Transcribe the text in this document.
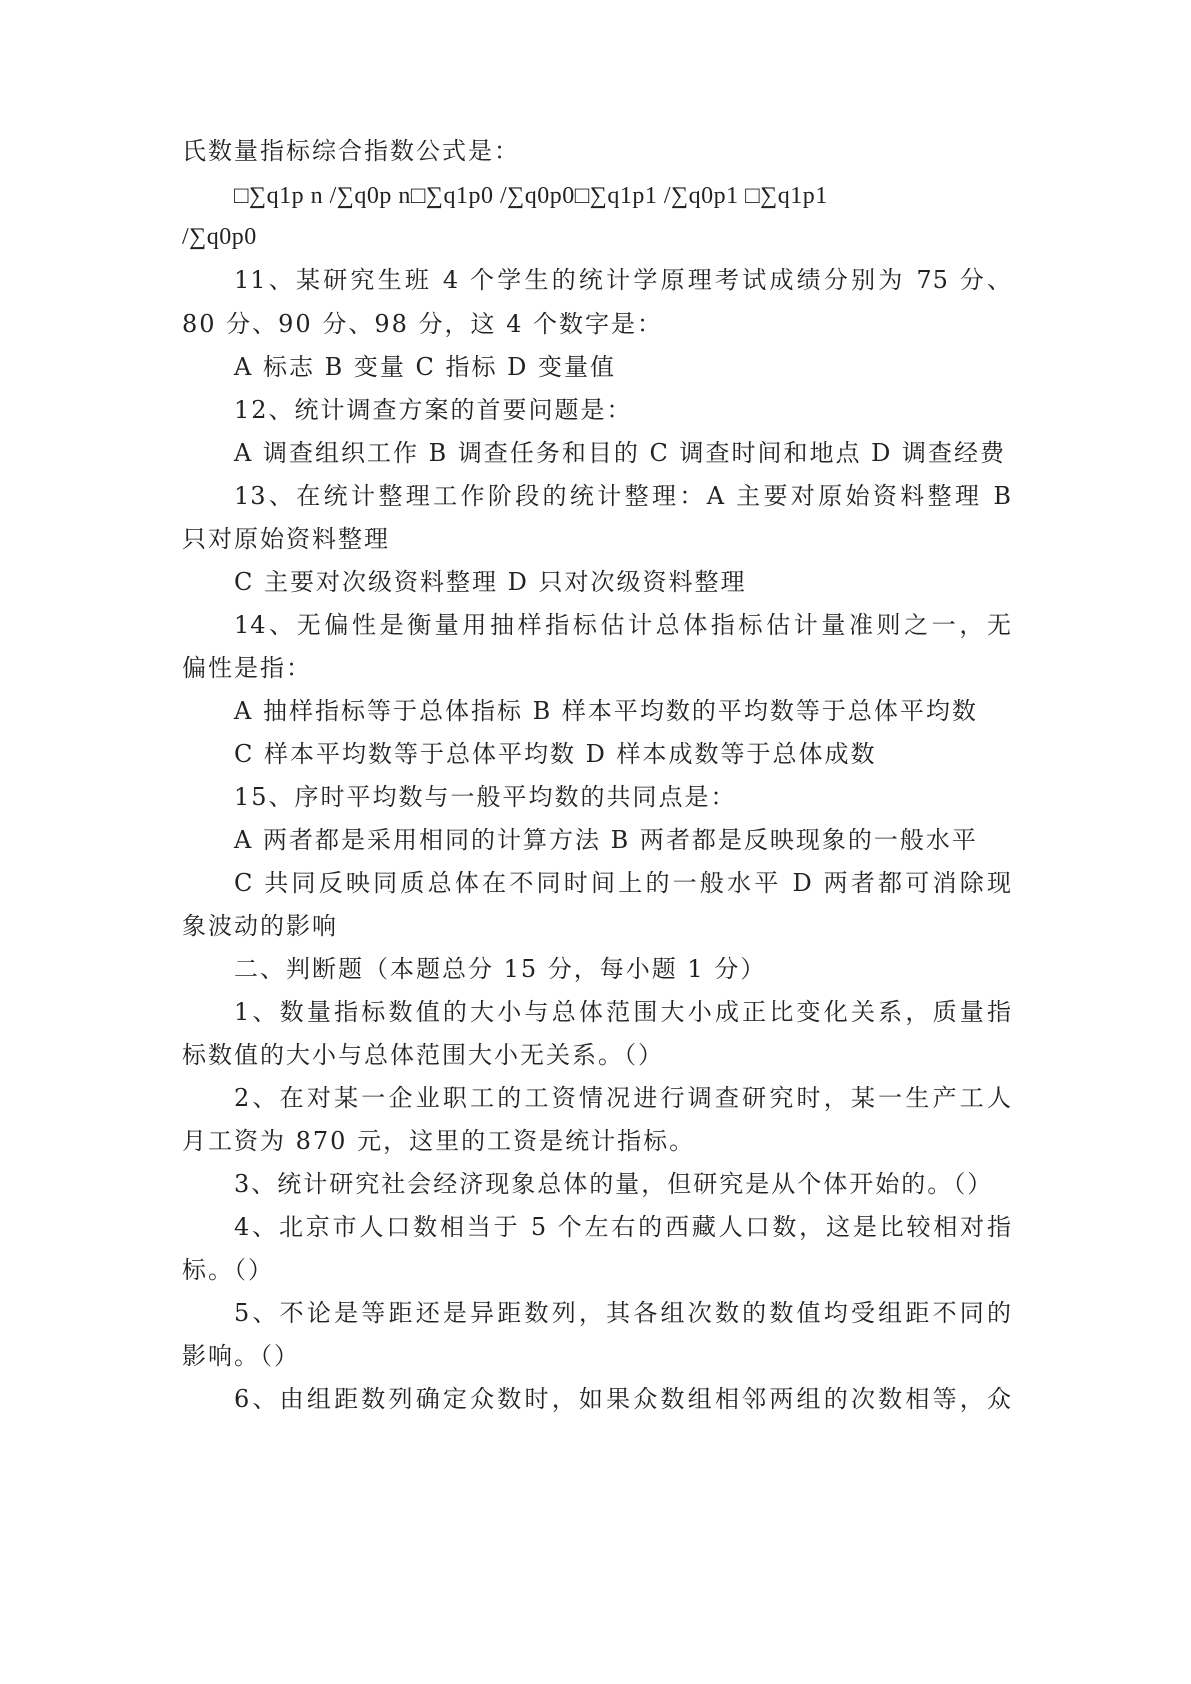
氏数量指标综合指数公式是：
□∑q1p n /∑q0p n□∑q1p0 /∑q0p0□∑q1p1 /∑q0p1 □∑q1p1
/∑q0p0
11、某研究生班 4 个学生的统计学原理考试成绩分别为 75 分、
80 分、90 分、98 分，这 4 个数字是：
A 标志 B 变量 C 指标 D 变量值
12、统计调查方案的首要问题是：
A 调查组织工作 B 调查任务和目的 C 调查时间和地点 D 调查经费
13、在统计整理工作阶段的统计整理：A 主要对原始资料整理 B
只对原始资料整理
C 主要对次级资料整理 D 只对次级资料整理
14、无偏性是衡量用抽样指标估计总体指标估计量准则之一，无
偏性是指：
A 抽样指标等于总体指标 B 样本平均数的平均数等于总体平均数
C 样本平均数等于总体平均数 D 样本成数等于总体成数
15、序时平均数与一般平均数的共同点是：
A 两者都是采用相同的计算方法 B 两者都是反映现象的一般水平
C 共同反映同质总体在不同时间上的一般水平 D 两者都可消除现
象波动的影响
二、判断题（本题总分 15 分，每小题 1 分）
1、数量指标数值的大小与总体范围大小成正比变化关系，质量指
标数值的大小与总体范围大小无关系。（）
2、在对某一企业职工的工资情况进行调查研究时，某一生产工人
月工资为 870 元，这里的工资是统计指标。
3、统计研究社会经济现象总体的量，但研究是从个体开始的。（）
4、北京市人口数相当于 5 个左右的西藏人口数，这是比较相对指
标。（）
5、不论是等距还是异距数列，其各组次数的数值均受组距不同的
影响。（）
6、由组距数列确定众数时，如果众数组相邻两组的次数相等，众
